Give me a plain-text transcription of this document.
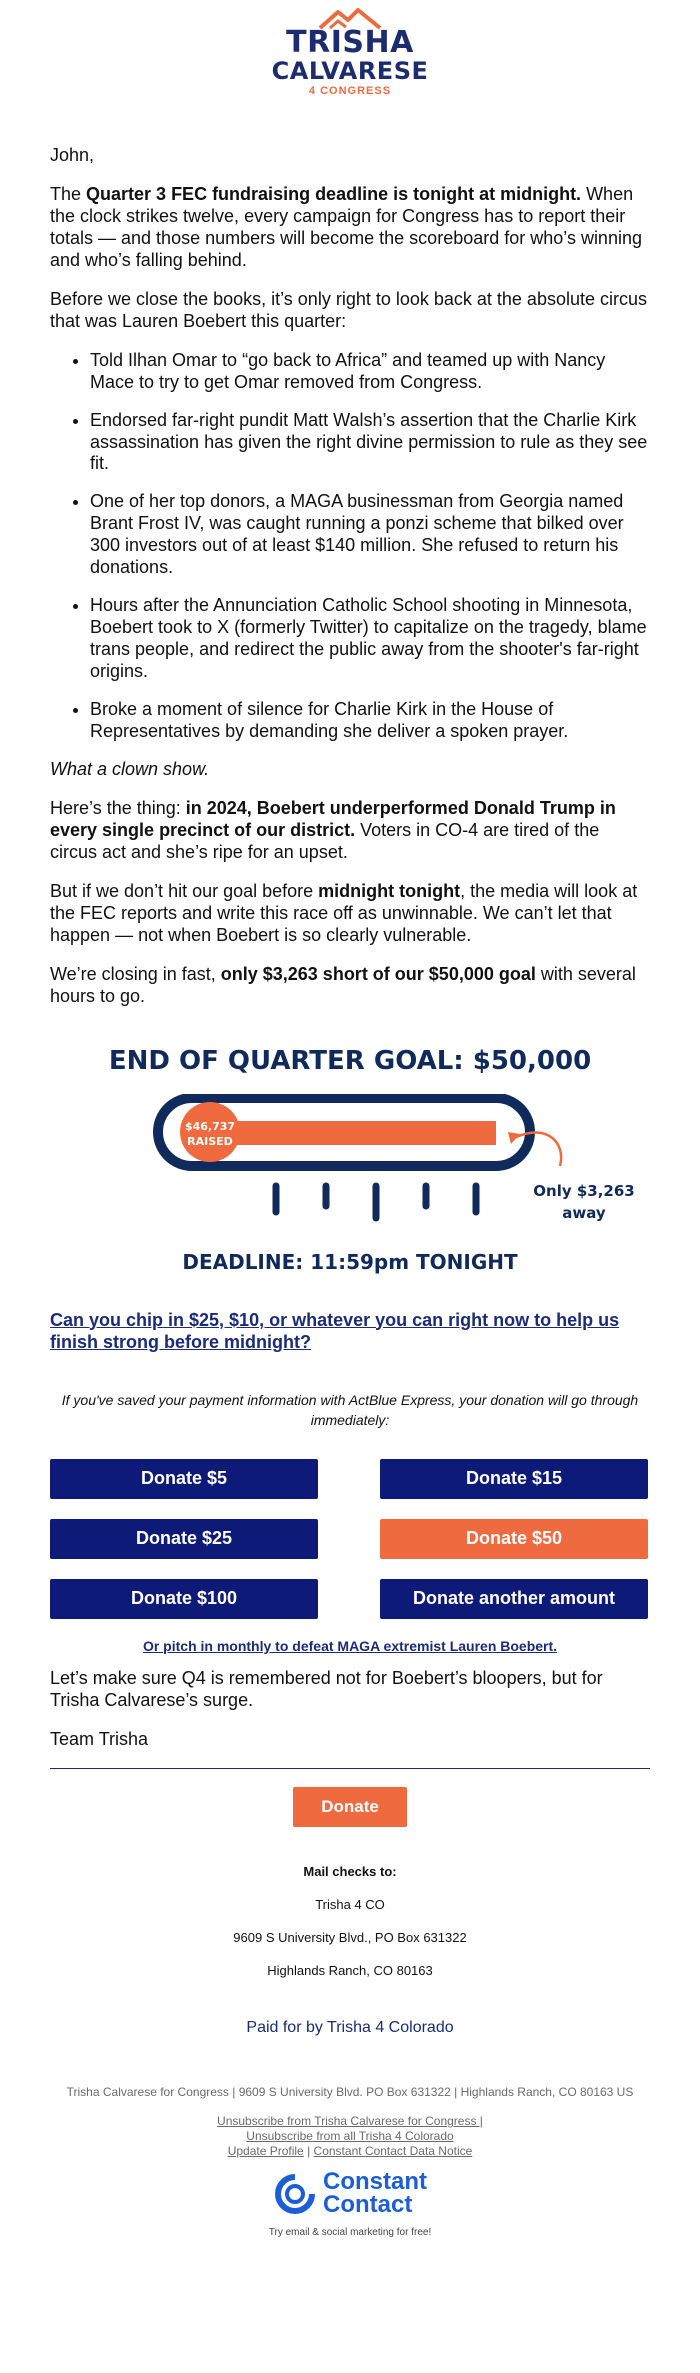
TRISHA
CALVARESE
4 CONGRESS

John,

The Quarter 3 FEC fundraising deadline is tonight at midnight. When the clock strikes twelve, every campaign for Congress has to report their totals — and those numbers will become the scoreboard for who’s winning and who’s falling behind.

Before we close the books, it’s only right to look back at the absolute circus that was Lauren Boebert this quarter:

• Told Ilhan Omar to “go back to Africa” and teamed up with Nancy Mace to try to get Omar removed from Congress.
• Endorsed far-right pundit Matt Walsh’s assertion that the Charlie Kirk assassination has given the right divine permission to rule as they see fit.
• One of her top donors, a MAGA businessman from Georgia named Brant Frost IV, was caught running a ponzi scheme that bilked over 300 investors out of at least $140 million. She refused to return his donations.
• Hours after the Annunciation Catholic School shooting in Minnesota, Boebert took to X (formerly Twitter) to capitalize on the tragedy, blame trans people, and redirect the public away from the shooter's far-right origins.
• Broke a moment of silence for Charlie Kirk in the House of Representatives by demanding she deliver a spoken prayer.

What a clown show.

Here’s the thing: in 2024, Boebert underperformed Donald Trump in every single precinct of our district. Voters in CO-4 are tired of the circus act and she’s ripe for an upset.

But if we don’t hit our goal before midnight tonight, the media will look at the FEC reports and write this race off as unwinnable. We can’t let that happen — not when Boebert is so clearly vulnerable.

We’re closing in fast, only $3,263 short of our $50,000 goal with several hours to go.

END OF QUARTER GOAL: $50,000
$46,737
RAISED
Only $3,263
away
DEADLINE: 11:59pm TONIGHT
Can you chip in $25, $10, or whatever you can right now to help us finish strong before midnight?
If you've saved your payment information with ActBlue Express, your donation will go through immediately:
Donate $5	Donate $15
Donate $25	Donate $50
Donate $100	Donate another amount
Or pitch in monthly to defeat MAGA extremist Lauren Boebert.

Let’s make sure Q4 is remembered not for Boebert’s bloopers, but for Trisha Calvarese’s surge.

Team Trisha

Donate
Mail checks to:
Trisha 4 CO
9609 S University Blvd., PO Box 631322
Highlands Ranch, CO 80163
Paid for by Trisha 4 Colorado
Trisha Calvarese for Congress | 9609 S University Blvd. PO Box 631322 | Highlands Ranch, CO 80163 US
Unsubscribe from Trisha Calvarese for Congress |
Unsubscribe from all Trisha 4 Colorado
Update Profile | Constant Contact Data Notice
Constant
Contact
Try email & social marketing for free!
